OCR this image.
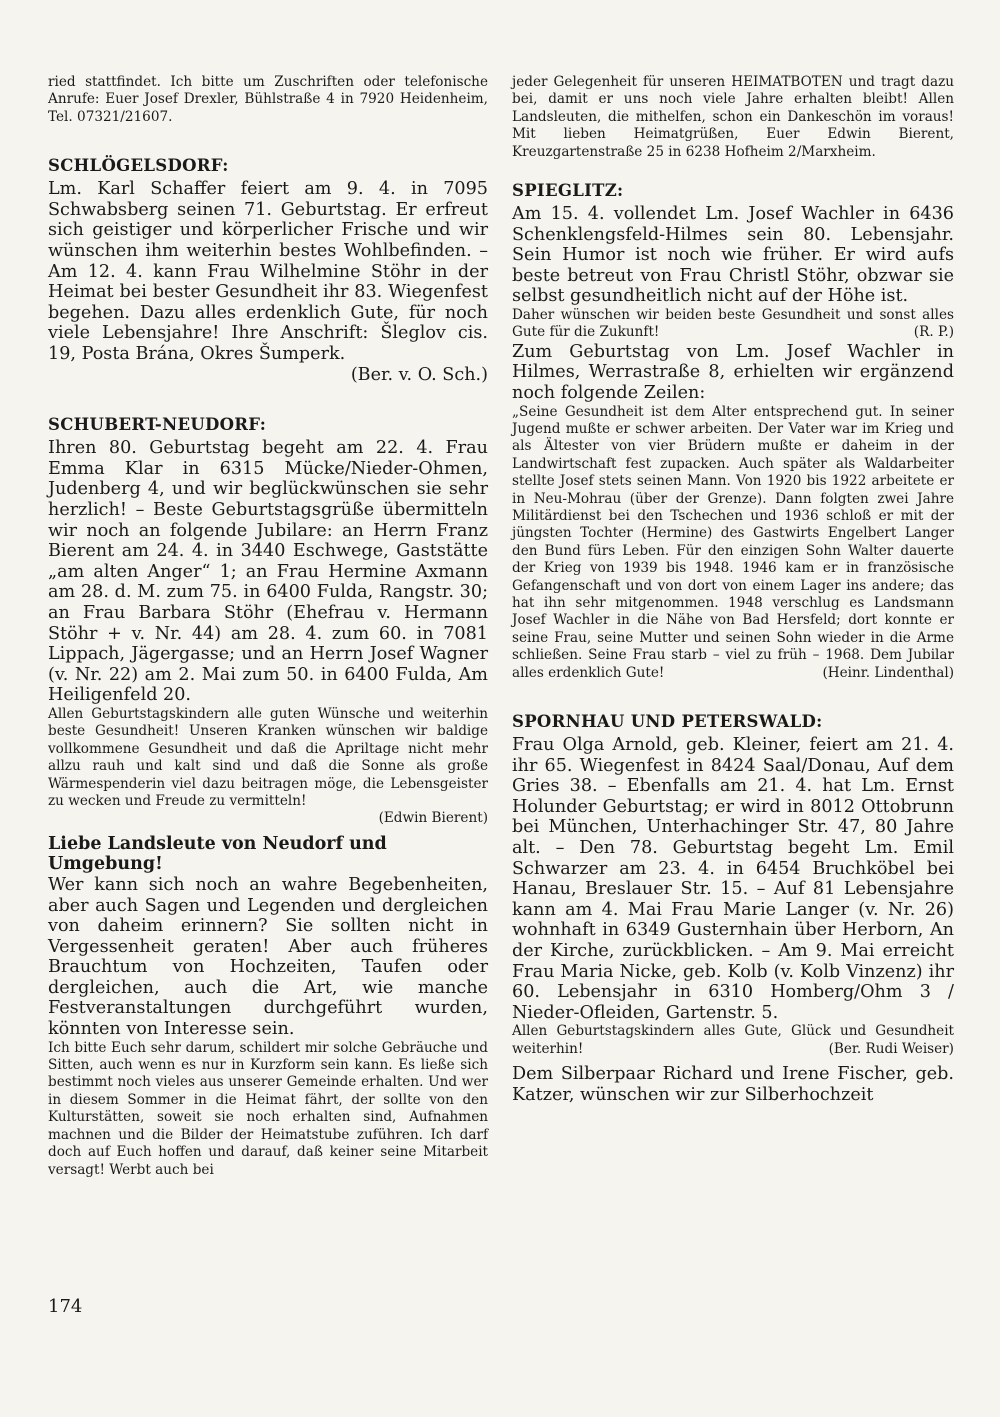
ried stattfindet. Ich bitte um Zuschriften oder telefonische Anrufe: Euer Josef Drexler, Bühlstraße 4 in 7920 Heidenheim, Tel. 07321/21607.

SCHLÖGELSDORF:

Lm. Karl Schaffer feiert am 9. 4. in 7095 Schwabsberg seinen 71. Geburtstag. Er erfreut sich geistiger und körperlicher Frische und wir wünschen ihm weiterhin bestes Wohlbefinden. – Am 12. 4. kann Frau Wilhelmine Stöhr in der Heimat bei bester Gesundheit ihr 83. Wiegenfest begehen. Dazu alles erdenklich Gute, für noch viele Lebensjahre! Ihre Anschrift: Šleglov cis. 19, Posta Brána, Okres Šumperk.
(Ber. v. O. Sch.)

SCHUBERT-NEUDORF:

Ihren 80. Geburtstag begeht am 22. 4. Frau Emma Klar in 6315 Mücke/Nieder-Ohmen, Judenberg 4, und wir beglückwünschen sie sehr herzlich! – Beste Geburtstagsgrüße übermitteln wir noch an folgende Jubilare: an Herrn Franz Bierent am 24. 4. in 3440 Eschwege, Gaststätte „am alten Anger“ 1; an Frau Hermine Axmann am 28. d. M. zum 75. in 6400 Fulda, Rangstr. 30; an Frau Barbara Stöhr (Ehefrau v. Hermann Stöhr + v. Nr. 44) am 28. 4. zum 60. in 7081 Lippach, Jägergasse; und an Herrn Josef Wagner (v. Nr. 22) am 2. Mai zum 50. in 6400 Fulda, Am Heiligenfeld 20.

Allen Geburtstagskindern alle guten Wünsche und weiterhin beste Gesundheit! Unseren Kranken wünschen wir baldige vollkommene Gesundheit und daß die Apriltage nicht mehr allzu rauh und kalt sind und daß die Sonne als große Wärmespenderin viel dazu beitragen möge, die Lebensgeister zu wecken und Freude zu vermitteln!
(Edwin Bierent)

Liebe Landsleute von Neudorf und Umgebung!

Wer kann sich noch an wahre Begebenheiten, aber auch Sagen und Legenden und dergleichen von daheim erinnern? Sie sollten nicht in Vergessenheit geraten! Aber auch früheres Brauchtum von Hochzeiten, Taufen oder dergleichen, auch die Art, wie manche Festveranstaltungen durchgeführt wurden, könnten von Interesse sein.

Ich bitte Euch sehr darum, schildert mir solche Gebräuche und Sitten, auch wenn es nur in Kurzform sein kann. Es ließe sich bestimmt noch vieles aus unserer Gemeinde erhalten. Und wer in diesem Sommer in die Heimat fährt, der sollte von den Kulturstätten, soweit sie noch erhalten sind, Aufnahmen machnen und die Bilder der Heimatstube zuführen. Ich darf doch auf Euch hoffen und darauf, daß keiner seine Mitarbeit versagt! Werbt auch bei

jeder Gelegenheit für unseren HEIMATBOTEN und tragt dazu bei, damit er uns noch viele Jahre erhalten bleibt! Allen Landsleuten, die mithelfen, schon ein Dankeschön im voraus! Mit lieben Heimatgrüßen, Euer Edwin Bierent, Kreuzgartenstraße 25 in 6238 Hofheim 2/Marxheim.

SPIEGLITZ:

Am 15. 4. vollendet Lm. Josef Wachler in 6436 Schenklengsfeld-Hilmes sein 80. Lebensjahr. Sein Humor ist noch wie früher. Er wird aufs beste betreut von Frau Christl Stöhr, obzwar sie selbst gesundheitlich nicht auf der Höhe ist.

Daher wünschen wir beiden beste Gesundheit und sonst alles Gute für die Zukunft!	(R. P.)

Zum Geburtstag von Lm. Josef Wachler in Hilmes, Werrastraße 8, erhielten wir ergänzend noch folgende Zeilen:

„Seine Gesundheit ist dem Alter entsprechend gut. In seiner Jugend mußte er schwer arbeiten. Der Vater war im Krieg und als Ältester von vier Brüdern mußte er daheim in der Landwirtschaft fest zupacken. Auch später als Waldarbeiter stellte Josef stets seinen Mann. Von 1920 bis 1922 arbeitete er in Neu-Mohrau (über der Grenze). Dann folgten zwei Jahre Militärdienst bei den Tschechen und 1936 schloß er mit der jüngsten Tochter (Hermine) des Gastwirts Engelbert Langer den Bund fürs Leben. Für den einzigen Sohn Walter dauerte der Krieg von 1939 bis 1948. 1946 kam er in französische Gefangenschaft und von dort von einem Lager ins andere; das hat ihn sehr mitgenommen. 1948 verschlug es Landsmann Josef Wachler in die Nähe von Bad Hersfeld; dort konnte er seine Frau, seine Mutter und seinen Sohn wieder in die Arme schließen. Seine Frau starb – viel zu früh – 1968. Dem Jubilar alles erdenklich Gute!	(Heinr. Lindenthal)

SPORNHAU UND PETERSWALD:

Frau Olga Arnold, geb. Kleiner, feiert am 21. 4. ihr 65. Wiegenfest in 8424 Saal/Donau, Auf dem Gries 38. – Ebenfalls am 21. 4. hat Lm. Ernst Holunder Geburtstag; er wird in 8012 Ottobrunn bei München, Unterhachinger Str. 47, 80 Jahre alt. – Den 78. Geburtstag begeht Lm. Emil Schwarzer am 23. 4. in 6454 Bruchköbel bei Hanau, Breslauer Str. 15. – Auf 81 Lebensjahre kann am 4. Mai Frau Marie Langer (v. Nr. 26) wohnhaft in 6349 Gusternhain über Herborn, An der Kirche, zurückblicken. – Am 9. Mai erreicht Frau Maria Nicke, geb. Kolb (v. Kolb Vinzenz) ihr 60. Lebensjahr in 6310 Homberg/Ohm 3 / Nieder-Ofleiden, Gartenstr. 5.

Allen Geburtstagskindern alles Gute, Glück und Gesundheit weiterhin!	(Ber. Rudi Weiser)

Dem Silberpaar Richard und Irene Fischer, geb. Katzer, wünschen wir zur Silberhochzeit

174
